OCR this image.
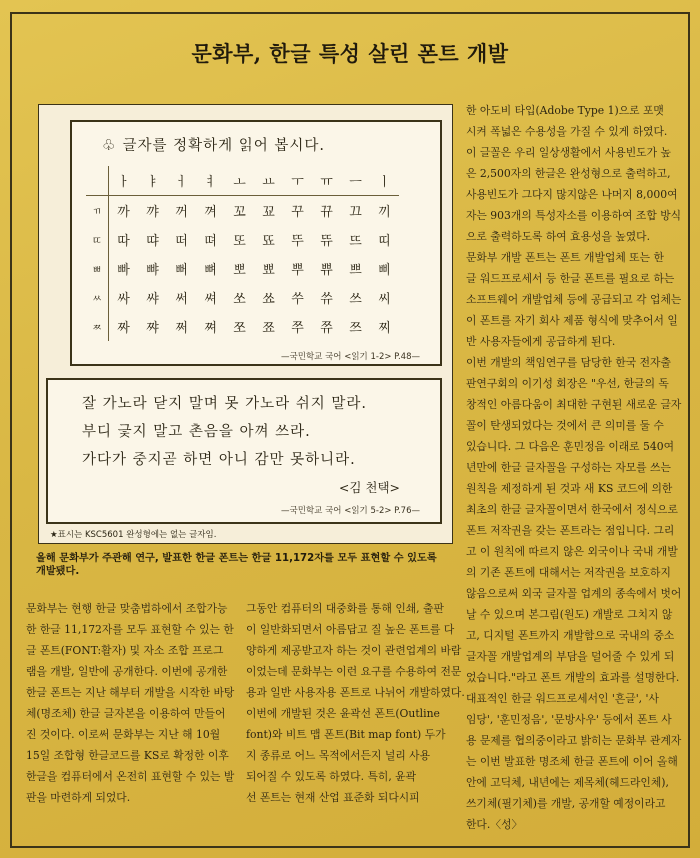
문화부, 한글 특성 살린 폰트 개발
♧ 글자를 정확하게 읽어 봅시다.
	ㅏ	ㅑ	ㅓ	ㅕ	ㅗ	ㅛ	ㅜ	ㅠ	ㅡ	ㅣ
ㄲ	까	꺄	꺼	껴	꼬	꾜	꾸	뀨	끄	끼
ㄸ	따	땨	떠	뗘	또	뚀	뚜	뜌	뜨	띠
ㅃ	빠	뺘	뻐	뼈	뽀	뾰	뿌	쀼	쁘	삐
ㅆ	싸	쌰	써	쎠	쏘	쑈	쑤	쓔	쓰	씨
ㅉ	짜	쨔	쩌	쪄	쪼	쬬	쭈	쮸	쯔	찌
—국민학교 국어 <읽기 1-2> P.48—
잘 가노라 닫지 말며 못 가노라 쉬지 말라.
부디 긏지 말고 촌음을 아껴 쓰라.
가다가 중지곧 하면 아니 감만 못하니라.
<김 천택>
—국민학교 국어 <읽기 5-2> P.76—
★표시는 KSC5601 완성형에는 없는 글자임.
올해 문화부가 주관해 연구, 발표한 한글 폰트는 한글 11,172자를 모두 표현할 수 있도록
개발됐다.

한 아도비 타입(Adobe Type 1)으로 포맷
시켜 폭넓은 수용성을 가질 수 있게 하였다.
이 글꼴은 우리 일상생활에서 사용빈도가 높
은 2,500자의 한글은 완성형으로 출력하고,
사용빈도가 그다지 많지않은 나머지 8,000여
자는 903개의 특성자소를 이용하여 조합 방식
으로 출력하도록 하여 효용성을 높였다.
문화부 개발 폰트는 폰트 개발업체 또는 한
글 워드프로세서 등 한글 폰트를 필요로 하는
소프트웨어 개발업체 등에 공급되고 각 업체는
이 폰트를 자기 회사 제품 형식에 맞추어서 일
반 사용자들에게 공급하게 된다.
이번 개발의 책임연구를 담당한 한국 전자출
판연구회의 이기성 회장은 "우선, 한글의 독
창적인 아름다움이 최대한 구현된 새로운 글자
꼴이 탄생되었다는 것에서 큰 의미를 둘 수
있습니다. 그 다음은 훈민정음 이래로 540여
년만에 한글 글자꼴을 구성하는 자모를 쓰는
원칙을 제정하게 된 것과 새 KS 코드에 의한
최초의 한글 글자꼴이면서 한국에서 정식으로
폰트 저작권을 갖는 폰트라는 점입니다. 그리
고 이 원칙에 따르지 않은 외국이나 국내 개발
의 기존 폰트에 대해서는 저작권을 보호하지
않음으로써 외국 글자꼴 업계의 종속에서 벗어
날 수 있으며 본그림(원도) 개발로 그치지 않
고, 디지털 폰트까지 개발함으로 국내의 중소
글자꼴 개발업계의 부담을 덜어줄 수 있게 되
었습니다."라고 폰트 개발의 효과를 설명한다.
대표적인 한글 워드프로세서인 '흔글', '사
임당', '훈민정음', '문방사우' 등에서 폰트 사
용 문제를 협의중이라고 밝히는 문화부 관계자
는 이번 발표한 명조체 한글 폰트에 이어 올해
안에 고딕체, 내년에는 제목체(헤드라인체),
쓰기체(필기체)를 개발, 공개할 예정이라고
한다.〈성〉

문화부는 현행 한글 맞춤법하에서 조합가능
한 한글 11,172자를 모두 표현할 수 있는 한
글 폰트(FONT:활자) 및 자소 조합 프로그
램을 개발, 일반에 공개한다. 이번에 공개한
한글 폰트는 지난 해부터 개발을 시작한 바탕
체(명조체) 한글 글자본을 이용하여 만들어
진 것이다. 이로써 문화부는 지난 해 10월
15일 조합형 한글코드를 KS로 확정한 이후
한글을 컴퓨터에서 온전히 표현할 수 있는 발
판을 마련하게 되었다.

그동안 컴퓨터의 대중화를 통해 인쇄, 출판
이 일반화되면서 아름답고 질 높은 폰트를 다
양하게 제공받고자 하는 것이 관련업계의 바람
이었는데 문화부는 이런 요구를 수용하여 전문
용과 일반 사용자용 폰트로 나뉘어 개발하였다.
이번에 개발된 것은 윤곽선 폰트(Outline
font)와 비트 맵 폰트(Bit map font) 두가
지 종류로 어느 목적에서든지 널리 사용
되어질 수 있도록 하였다. 특히, 윤곽
선 폰트는 현재 산업 표준화 되다시피
